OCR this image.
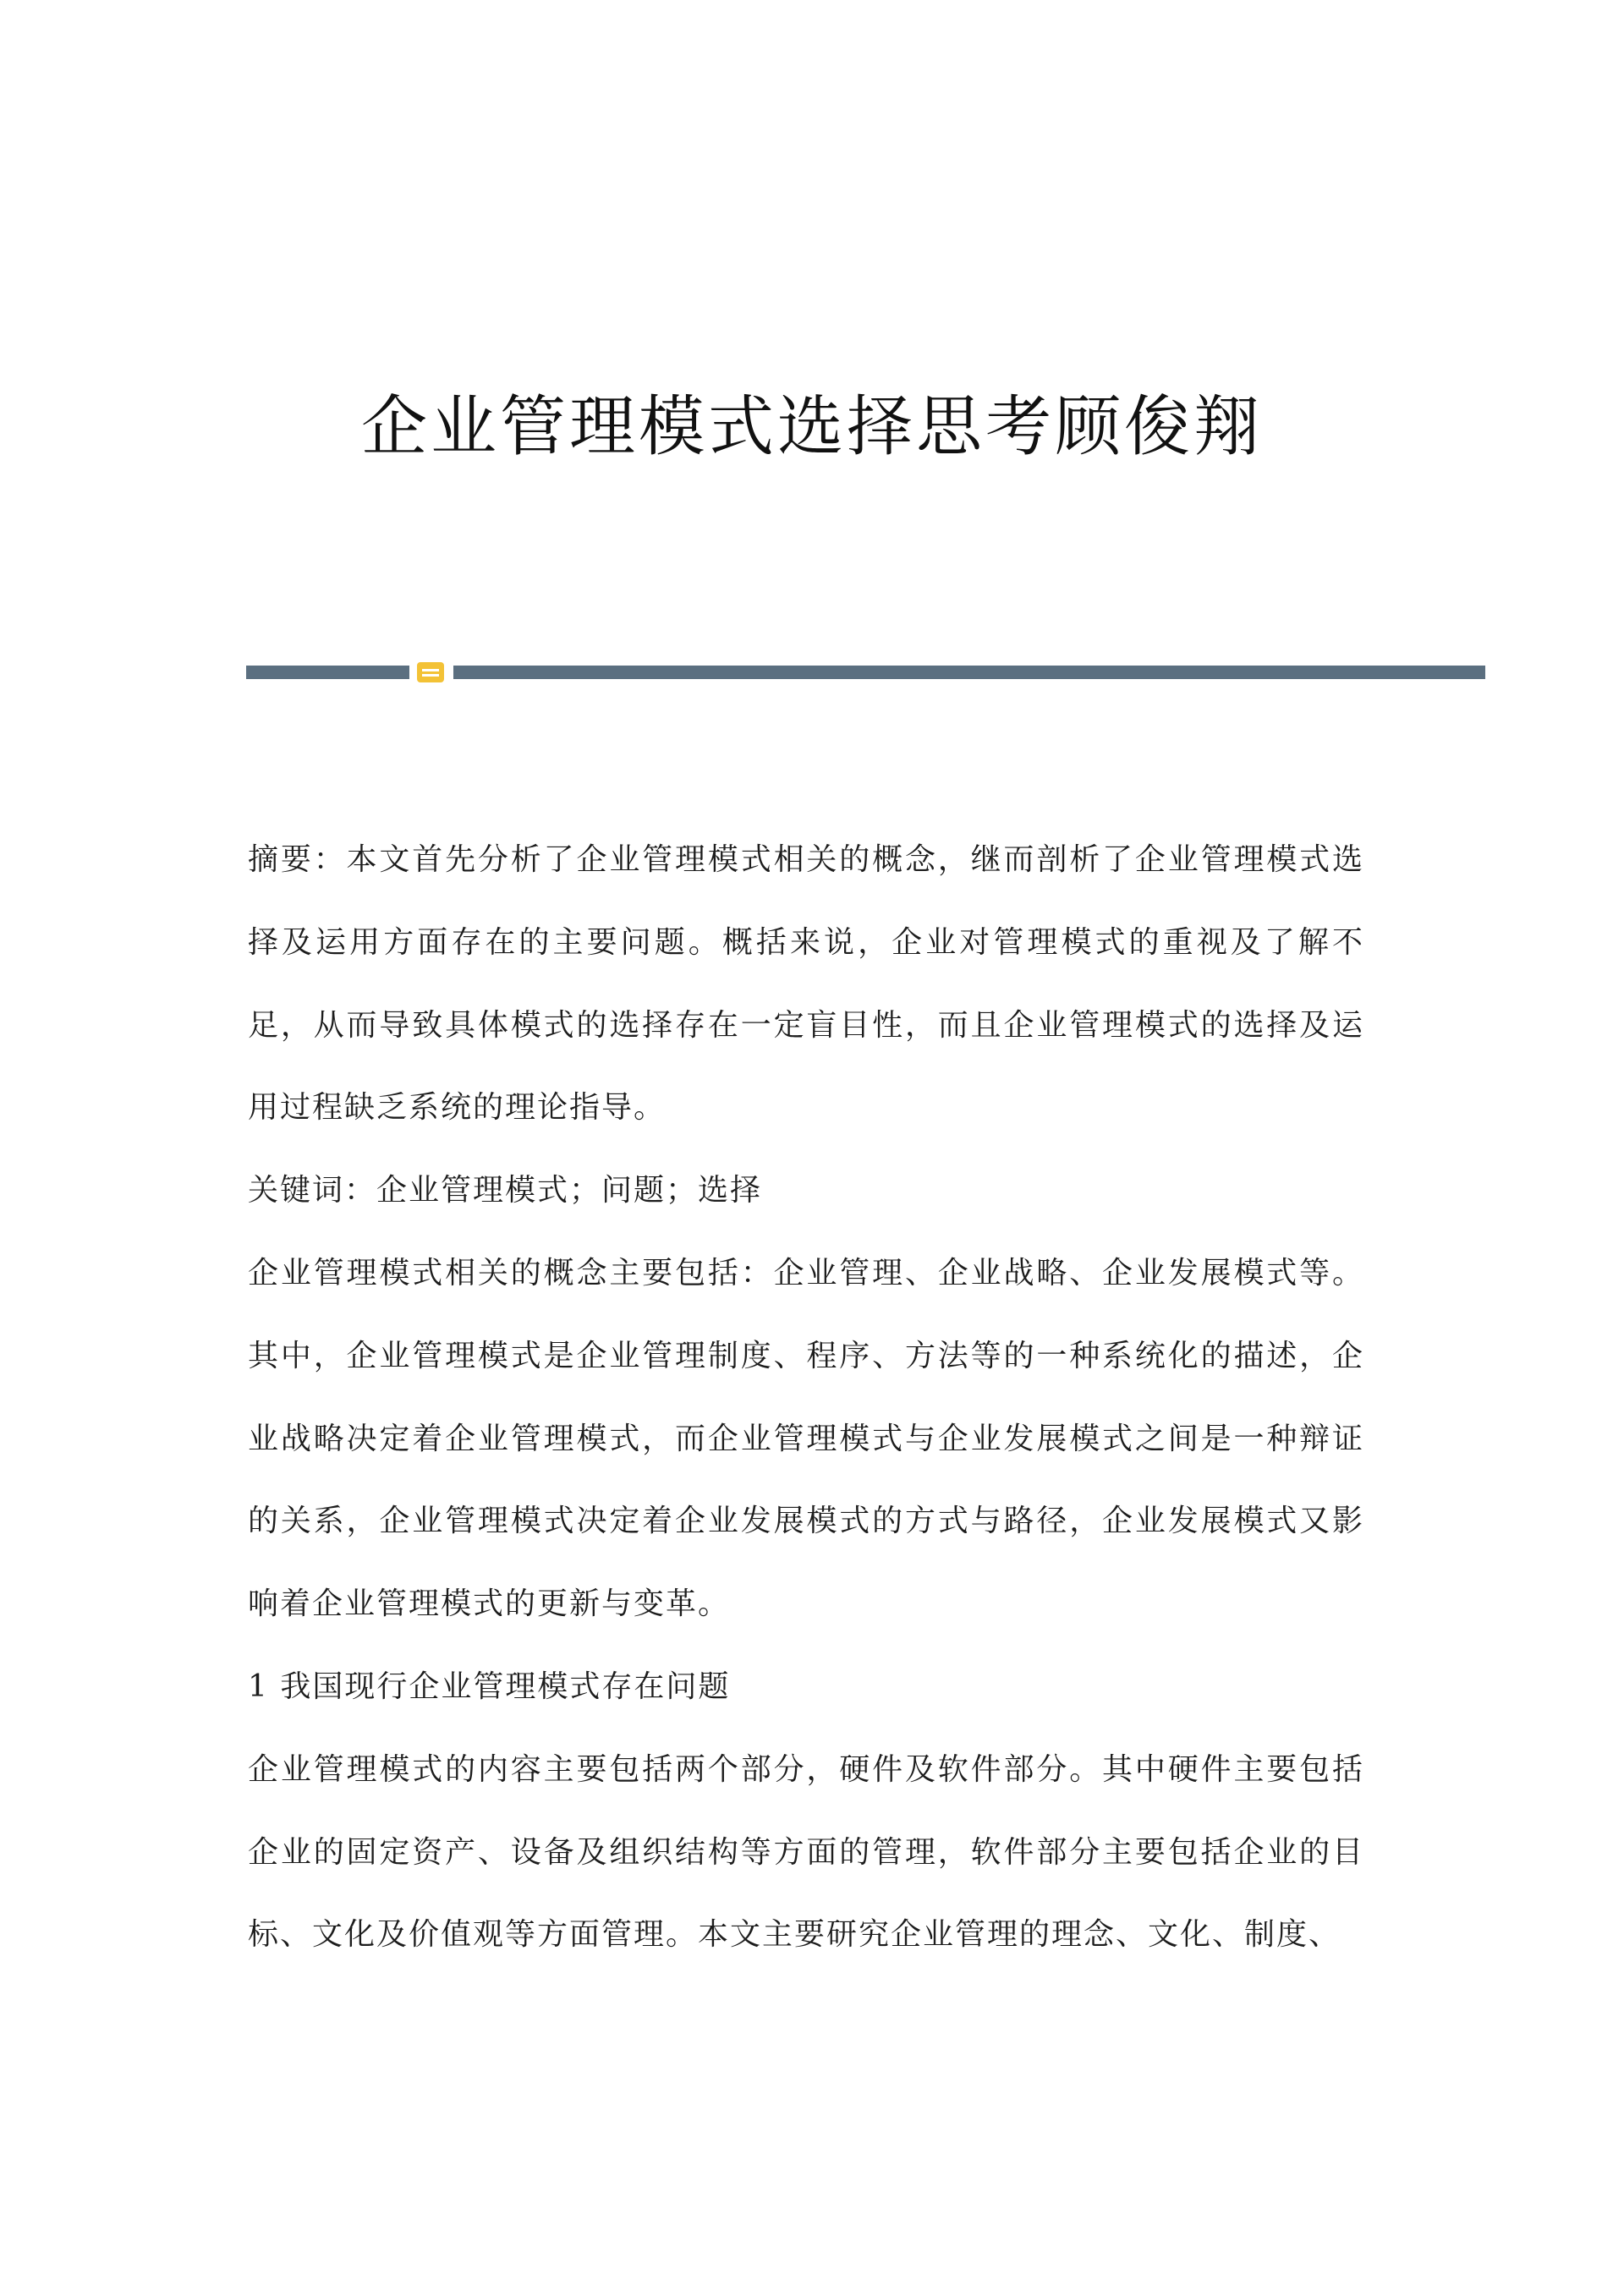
企业管理模式选择思考顾俊翔

摘要：本文首先分析了企业管理模式相关的概念，继而剖析了企业管理模式选择及运用方面存在的主要问题。概括来说，企业对管理模式的重视及了解不足，从而导致具体模式的选择存在一定盲目性，而且企业管理模式的选择及运用过程缺乏系统的理论指导。

关键词：企业管理模式；问题；选择

企业管理模式相关的概念主要包括：企业管理、企业战略、企业发展模式等。其中，企业管理模式是企业管理制度、程序、方法等的一种系统化的描述，企业战略决定着企业管理模式，而企业管理模式与企业发展模式之间是一种辩证的关系，企业管理模式决定着企业发展模式的方式与路径，企业发展模式又影响着企业管理模式的更新与变革。

1 我国现行企业管理模式存在问题

企业管理模式的内容主要包括两个部分，硬件及软件部分。其中硬件主要包括企业的固定资产、设备及组织结构等方面的管理，软件部分主要包括企业的目标、文化及价值观等方面管理。本文主要研究企业管理的理念、文化、制度、
